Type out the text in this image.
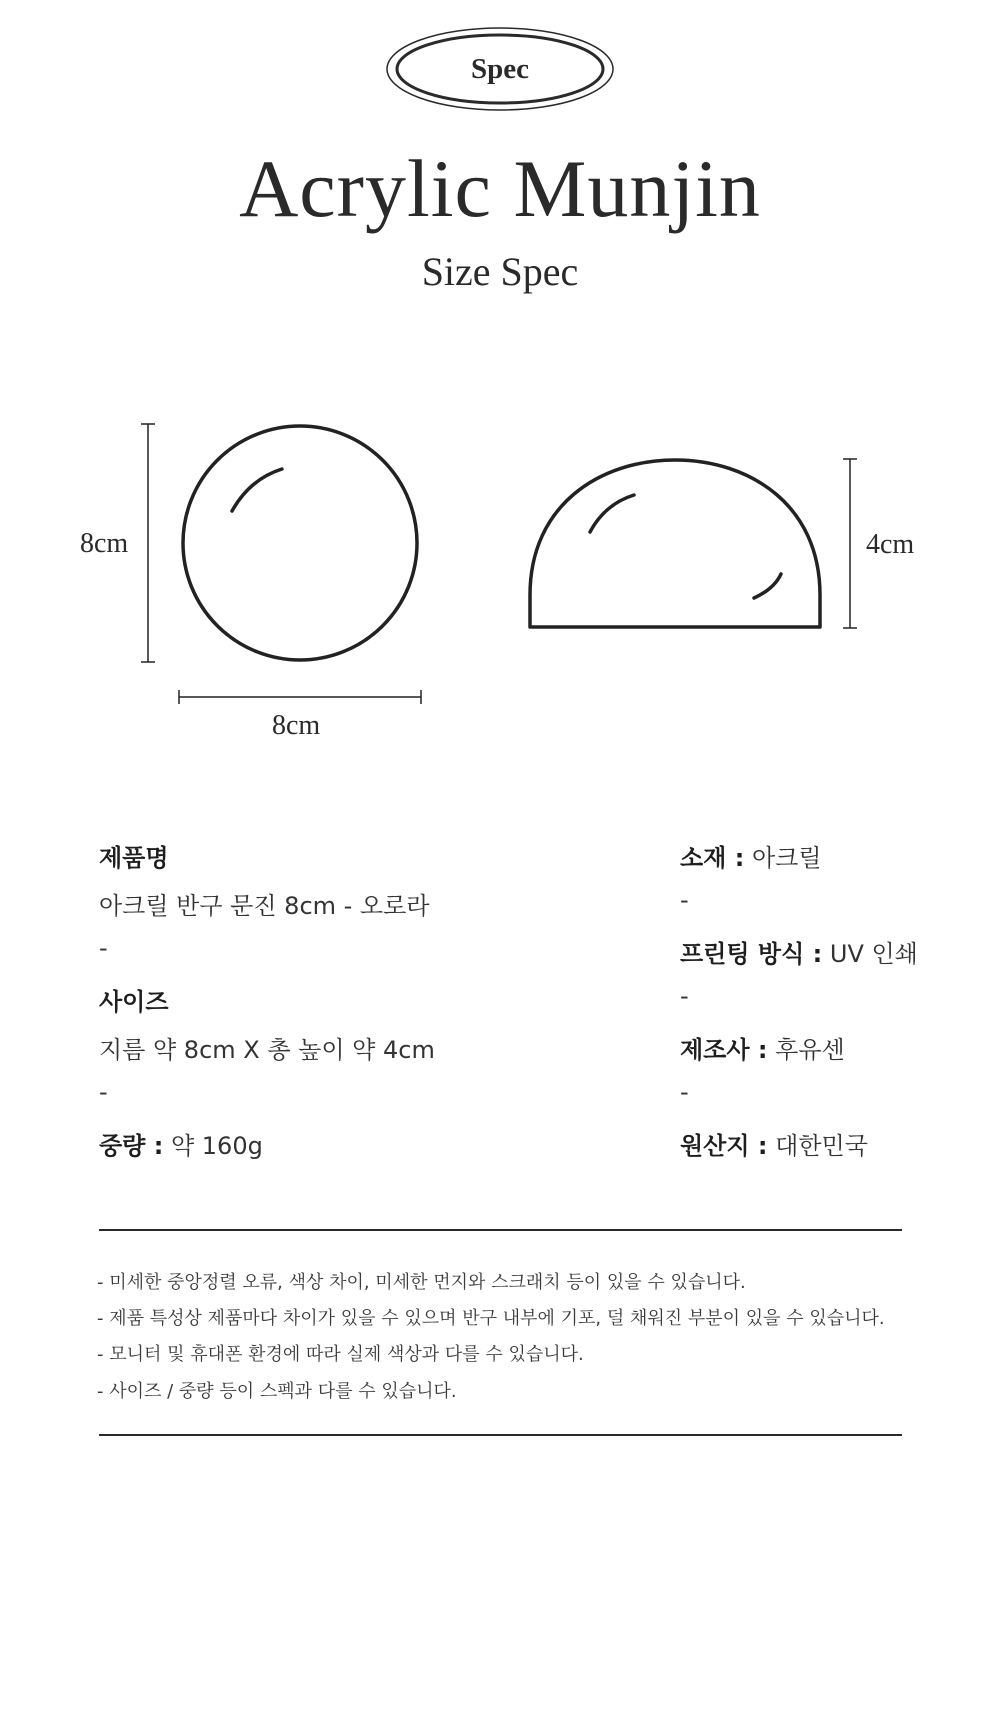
Spec
Acrylic Munjin
Size Spec
8cm
8cm
4cm
제품명
아크릴 반구 문진 8cm - 오로라
-
사이즈
지름 약 8cm X 총 높이 약 4cm
-
중량 : 약 160g
소재 : 아크릴
-
프린팅 방식 : UV 인쇄
-
제조사 : 후유센
-
원산지 : 대한민국
- 미세한 중앙정렬 오류, 색상 차이, 미세한 먼지와 스크래치 등이 있을 수 있습니다.
- 제품 특성상 제품마다 차이가 있을 수 있으며 반구 내부에 기포, 덜 채워진 부분이 있을 수 있습니다.
- 모니터 및 휴대폰 환경에 따라 실제 색상과 다를 수 있습니다.
- 사이즈 / 중량 등이 스펙과 다를 수 있습니다.
